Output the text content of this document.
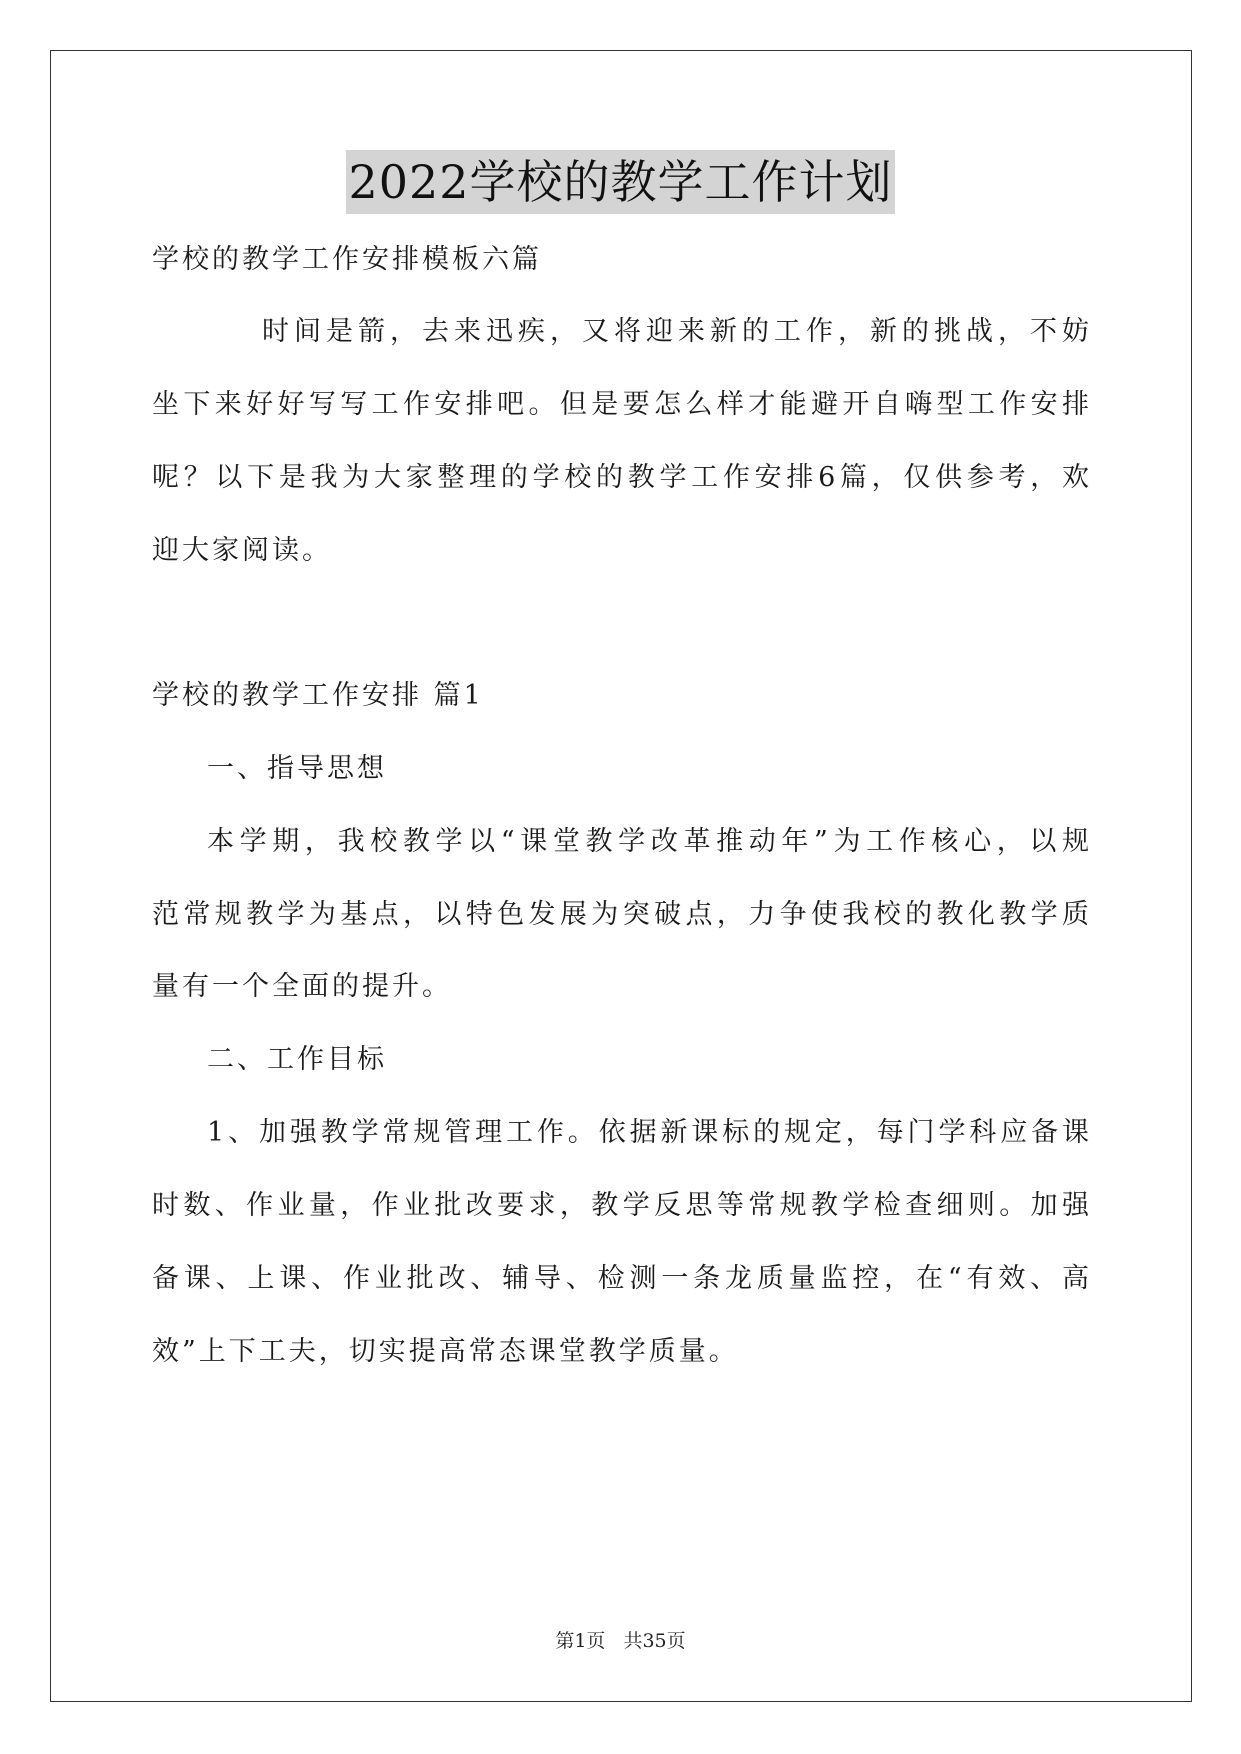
2022学校的教学工作计划
学校的教学工作安排模板六篇
时间是箭，去来迅疾，又将迎来新的工作，新的挑战，不妨
坐下来好好写写工作安排吧。但是要怎么样才能避开自嗨型工作安排
呢？以下是我为大家整理的学校的教学工作安排6篇，仅供参考，欢
迎大家阅读。
学校的教学工作安排 篇1
一、指导思想
本学期，我校教学以“课堂教学改革推动年”为工作核心，以规
范常规教学为基点，以特色发展为突破点，力争使我校的教化教学质
量有一个全面的提升。
二、工作目标
1、加强教学常规管理工作。依据新课标的规定，每门学科应备课
时数、作业量，作业批改要求，教学反思等常规教学检查细则。加强
备课、上课、作业批改、辅导、检测一条龙质量监控，在“有效、高
效”上下工夫，切实提高常态课堂教学质量。
第1页 共35页
